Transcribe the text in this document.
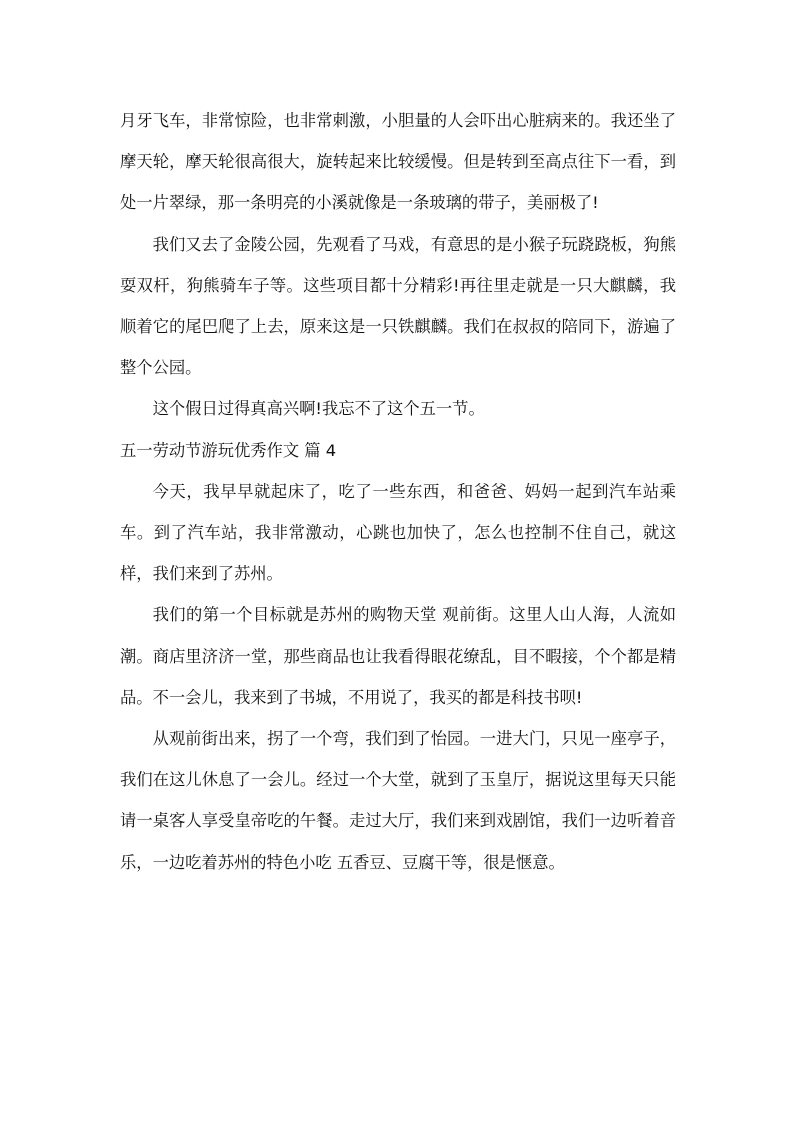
月牙飞车，非常惊险，也非常刺激，小胆量的人会吓出心脏病来的。我还坐了摩天轮，摩天轮很高很大，旋转起来比较缓慢。但是转到至高点往下一看，到处一片翠绿，那一条明亮的小溪就像是一条玻璃的带子，美丽极了!

我们又去了金陵公园，先观看了马戏，有意思的是小猴子玩跷跷板，狗熊耍双杆，狗熊骑车子等。这些项目都十分精彩!再往里走就是一只大麒麟，我顺着它的尾巴爬了上去，原来这是一只铁麒麟。我们在叔叔的陪同下，游遍了整个公园。

这个假日过得真高兴啊!我忘不了这个五一节。

五一劳动节游玩优秀作文 篇 4

今天，我早早就起床了，吃了一些东西，和爸爸、妈妈一起到汽车站乘车。到了汽车站，我非常激动，心跳也加快了，怎么也控制不住自己，就这样，我们来到了苏州。

我们的第一个目标就是苏州的购物天堂 观前街。这里人山人海，人流如潮。商店里济济一堂，那些商品也让我看得眼花缭乱，目不暇接，个个都是精品。不一会儿，我来到了书城，不用说了，我买的都是科技书呗!

从观前街出来，拐了一个弯，我们到了怡园。一进大门，只见一座亭子，我们在这儿休息了一会儿。经过一个大堂，就到了玉皇厅，据说这里每天只能请一桌客人享受皇帝吃的午餐。走过大厅，我们来到戏剧馆，我们一边听着音乐，一边吃着苏州的特色小吃 五香豆、豆腐干等，很是惬意。
